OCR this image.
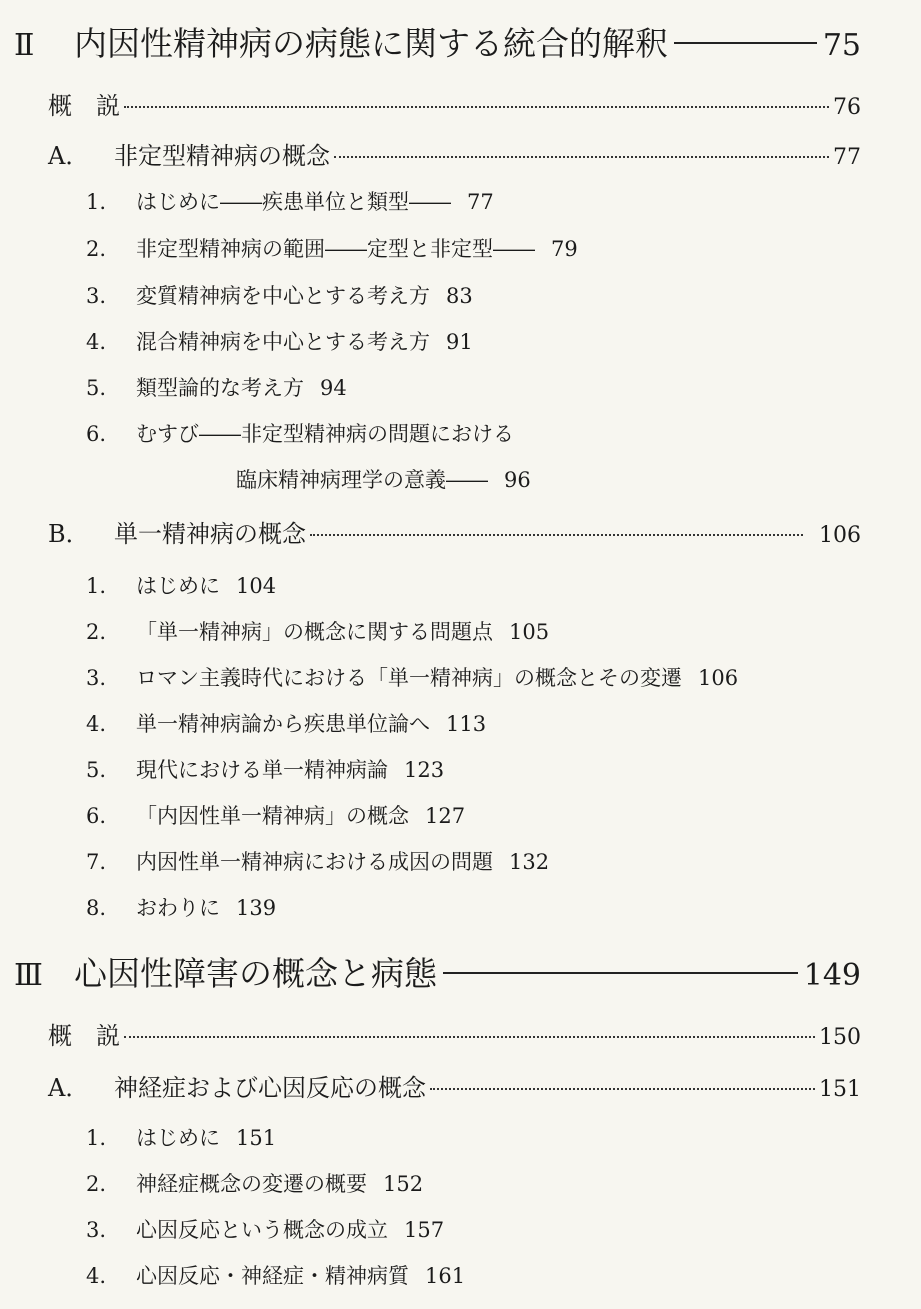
Ⅱ	内因性精神病の病態に関する統合的解釈	75
概　説	76
A．	非定型精神病の概念	77
1.	はじめに――疾患単位と類型―― 77
2.	非定型精神病の範囲――定型と非定型―― 79
3.	変質精神病を中心とする考え方 83
4.	混合精神病を中心とする考え方 91
5.	類型論的な考え方 94
6.	むすび――非定型精神病の問題における
臨床精神病理学の意義―― 96
B．	単一精神病の概念	106
1.	はじめに 104
2.	「単一精神病」の概念に関する問題点 105
3.	ロマン主義時代における「単一精神病」の概念とその変遷 106
4.	単一精神病論から疾患単位論へ 113
5.	現代における単一精神病論 123
6.	「内因性単一精神病」の概念 127
7.	内因性単一精神病における成因の問題 132
8.	おわりに 139
Ⅲ 心因性障害の概念と病態	149
概　説	150
A．	神経症および心因反応の概念	151
1.	はじめに 151
2.	神経症概念の変遷の概要 152
3.	心因反応という概念の成立 157
4.	心因反応・神経症・精神病質 161
